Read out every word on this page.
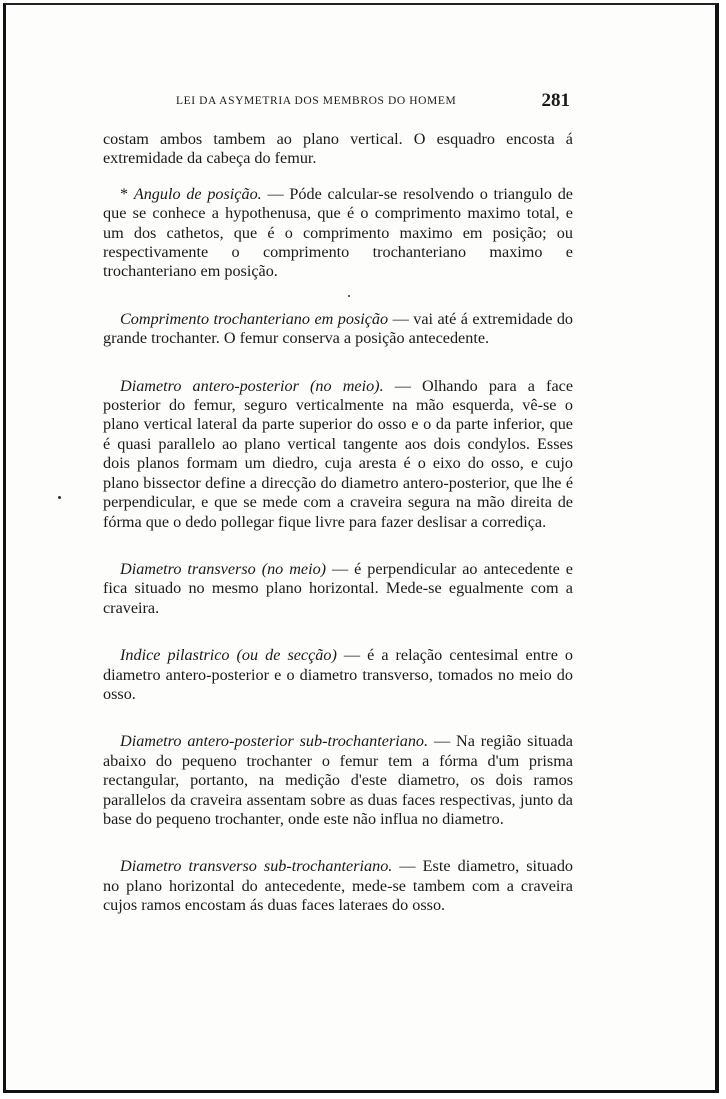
LEI DA ASYMETRIA DOS MEMBROS DO HOMEM	281

costam ambos tambem ao plano vertical. O esquadro encosta á extremidade da cabeça do femur.

* Angulo de posição. — Póde calcular-se resolvendo o triangulo de que se conhece a hypothenusa, que é o comprimento maximo total, e um dos cathetos, que é o comprimento maximo em posição; ou respectivamente o comprimento trochanteriano maximo e trochanteriano em posição.

Comprimento trochanteriano em posição — vai até á extremidade do grande trochanter. O femur conserva a posição antecedente.

Diametro antero-posterior (no meio). — Olhando para a face posterior do femur, seguro verticalmente na mão esquerda, vê-se o plano vertical lateral da parte superior do osso e o da parte inferior, que é quasi parallelo ao plano vertical tangente aos dois condylos. Esses dois planos formam um diedro, cuja aresta é o eixo do osso, e cujo plano bissector define a direcção do diametro antero-posterior, que lhe é perpendicular, e que se mede com a craveira segura na mão direita de fórma que o dedo pollegar fique livre para fazer deslisar a corrediça.

Diametro transverso (no meio) — é perpendicular ao antecedente e fica situado no mesmo plano horizontal. Mede-se egualmente com a craveira.

Indice pilastrico (ou de secção) — é a relação centesimal entre o diametro antero-posterior e o diametro transverso, tomados no meio do osso.

Diametro antero-posterior sub-trochanteriano. — Na região situada abaixo do pequeno trochanter o femur tem a fórma d'um prisma rectangular, portanto, na medição d'este diametro, os dois ramos parallelos da craveira assentam sobre as duas faces respectivas, junto da base do pequeno trochanter, onde este não influa no diametro.

Diametro transverso sub-trochanteriano. — Este diametro, situado no plano horizontal do antecedente, mede-se tambem com a craveira cujos ramos encostam ás duas faces lateraes do osso.
